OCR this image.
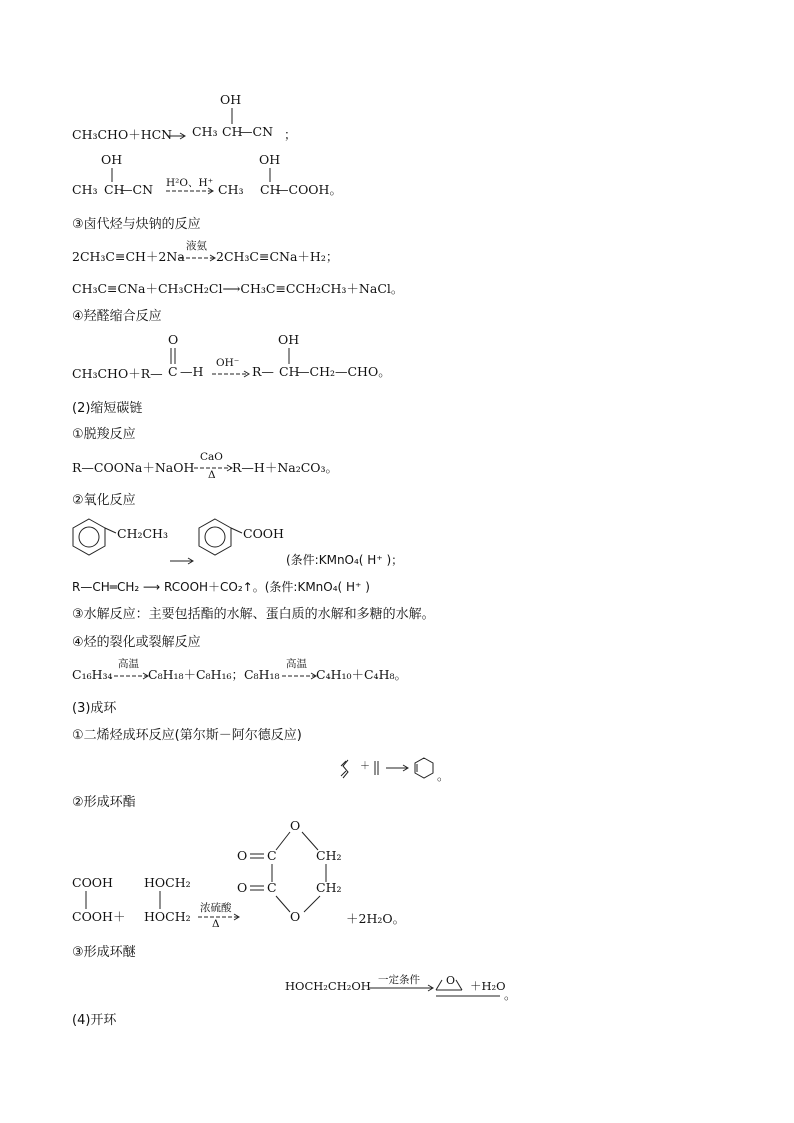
CH₃CHO＋HCN
OH
CH₃ CH
—CN ；
OH
CH₃ CH
—CN H²O、H⁺
OH
CH₃ CH
—COOH。
③卤代烃与炔钠的反应
2CH₃C≡CH＋2Na
液氨
2CH₃C≡CNa＋H₂；
CH₃C≡CNa＋CH₃CH₂Cl⟶CH₃C≡CCH₂CH₃＋NaCl。
④羟醛缩合反应
CH₃CHO＋R—
O
C —H
OH⁻
OH
R— CH
—CH₂—CHO。
(2)缩短碳链
①脱羧反应
R—COONa＋NaOH
CaO
Δ R—H＋Na₂CO₃。
②氧化反应
CH₂CH₃	COOH
(条件:KMnO₄( H⁺ )；
R—CH═CH₂ ⟶ RCOOH＋CO₂↑。(条件:KMnO₄( H⁺ )
③水解反应：主要包括酯的水解、蛋白质的水解和多糖的水解。
④烃的裂化或裂解反应
C₁₆H₃₄
高温
C₈H₁₈＋C₈H₁₆；C₈H₁₈
高温
C₄H₁₀＋C₄H₈。
(3)成环
①二烯烃成环反应(第尔斯－阿尔德反应)
＋
。
②形成环酯
COOH
COOH＋
HOCH₂
HOCH₂
浓硫酸
Δ
O
O
O
O
C
C
CH₂
CH₂
＋2H₂O。
③形成环醚
HOCH₂CH₂OH 一定条件 O ＋H₂O
。
(4)开环
